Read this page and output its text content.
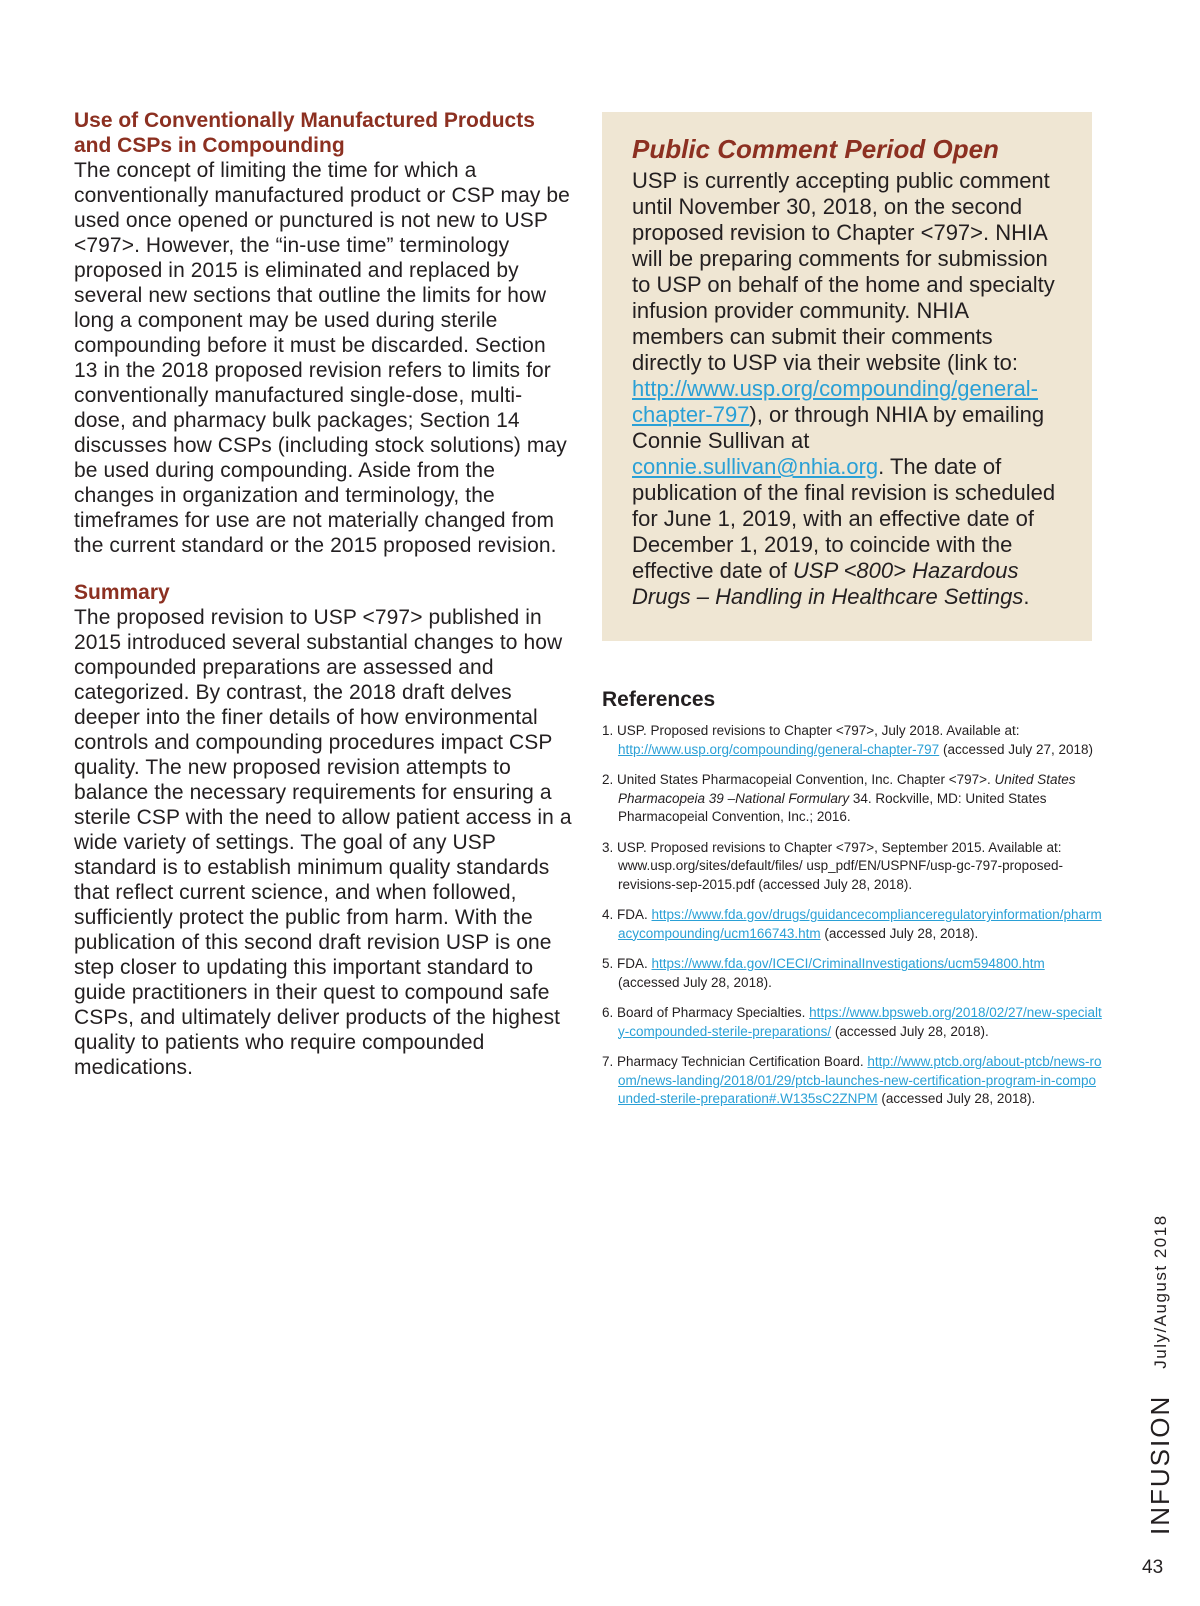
Use of Conventionally Manufactured Products and CSPs in Compounding

The concept of limiting the time for which a conventionally manufactured product or CSP may be used once opened or punctured is not new to USP <797>. However, the “in-use time” terminology proposed in 2015 is eliminated and replaced by several new sections that outline the limits for how long a component may be used during sterile compounding before it must be discarded. Section 13 in the 2018 proposed revision refers to limits for conventionally manufactured single-dose, multi-dose, and pharmacy bulk packages; Section 14 discusses how CSPs (including stock solutions) may be used during compounding. Aside from the changes in organization and terminology, the timeframes for use are not materially changed from the current standard or the 2015 proposed revision.

Summary

The proposed revision to USP <797> published in 2015 introduced several substantial changes to how compounded preparations are assessed and categorized. By contrast, the 2018 draft delves deeper into the finer details of how environmental controls and compounding procedures impact CSP quality. The new proposed revision attempts to balance the necessary requirements for ensuring a sterile CSP with the need to allow patient access in a wide variety of settings. The goal of any USP standard is to establish minimum quality standards that reflect current science, and when followed, sufficiently protect the public from harm. With the publication of this second draft revision USP is one step closer to updating this important standard to guide practitioners in their quest to compound safe CSPs, and ultimately deliver products of the highest quality to patients who require compounded medications.

Public Comment Period Open

USP is currently accepting public comment until November 30, 2018, on the second proposed revision to Chapter <797>. NHIA will be preparing comments for submission to USP on behalf of the home and specialty infusion provider community. NHIA members can submit their comments directly to USP via their website (link to: http://www.usp.org/compounding/general-chapter-797), or through NHIA by emailing Connie Sullivan at connie.sullivan@nhia.org. The date of publication of the final revision is scheduled for June 1, 2019, with an effective date of December 1, 2019, to coincide with the effective date of USP <800> Hazardous Drugs – Handling in Healthcare Settings.

References

1. USP. Proposed revisions to Chapter <797>, July 2018. Available at: http://www.usp.org/compounding/general-chapter-797 (accessed July 27, 2018)

2. United States Pharmacopeial Convention, Inc. Chapter <797>. United States Pharmacopeia 39 –National Formulary 34. Rockville, MD: United States Pharmacopeial Convention, Inc.; 2016.

3. USP. Proposed revisions to Chapter <797>, September 2015. Available at: www.usp.org/sites/default/files/ usp_pdf/EN/USPNF/usp-gc-797-proposed-revisions-sep-2015.pdf (accessed July 28, 2018).

4. FDA. https://www.fda.gov/drugs/guidancecomplianceregulatoryinformation/pharmacycompounding/ucm166743.htm (accessed July 28, 2018).

5. FDA. https://www.fda.gov/ICECI/CriminalInvestigations/ucm594800.htm (accessed July 28, 2018).

6. Board of Pharmacy Specialties. https://www.bpsweb.org/2018/02/27/new-specialty-compounded-sterile-preparations/ (accessed July 28, 2018).

7. Pharmacy Technician Certification Board. http://www.ptcb.org/about-ptcb/news-room/news-landing/2018/01/29/ptcb-launches-new-certification-program-in-compounded-sterile-preparation#.W135sC2ZNPM (accessed July 28, 2018).

INFUSION
July/August 2018
43
